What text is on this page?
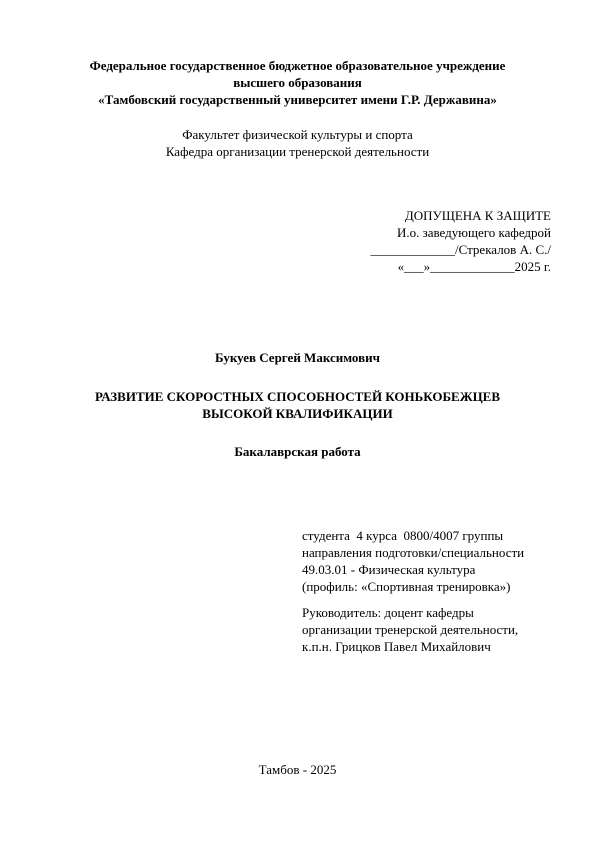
Федеральное государственное бюджетное образовательное учреждение
высшего образования
«Тамбовский государственный университет имени Г.Р. Державина»
Факультет физической культуры и спорта
Кафедра организации тренерской деятельности
ДОПУЩЕНА К ЗАЩИТЕ
И.о. заведующего кафедрой
_____________/Стрекалов А. С./
«___»_____________2025 г.
Букуев Сергей Максимович
РАЗВИТИЕ СКОРОСТНЫХ СПОСОБНОСТЕЙ КОНЬКОБЕЖЦЕВ
ВЫСОКОЙ КВАЛИФИКАЦИИ
Бакалаврская работа
студента  4 курса  0800/4007 группы
направления подготовки/специальности
49.03.01 - Физическая культура
(профиль: «Спортивная тренировка»)
Руководитель: доцент кафедры
организации тренерской деятельности,
к.п.н. Грицков Павел Михайлович
Тамбов - 2025
